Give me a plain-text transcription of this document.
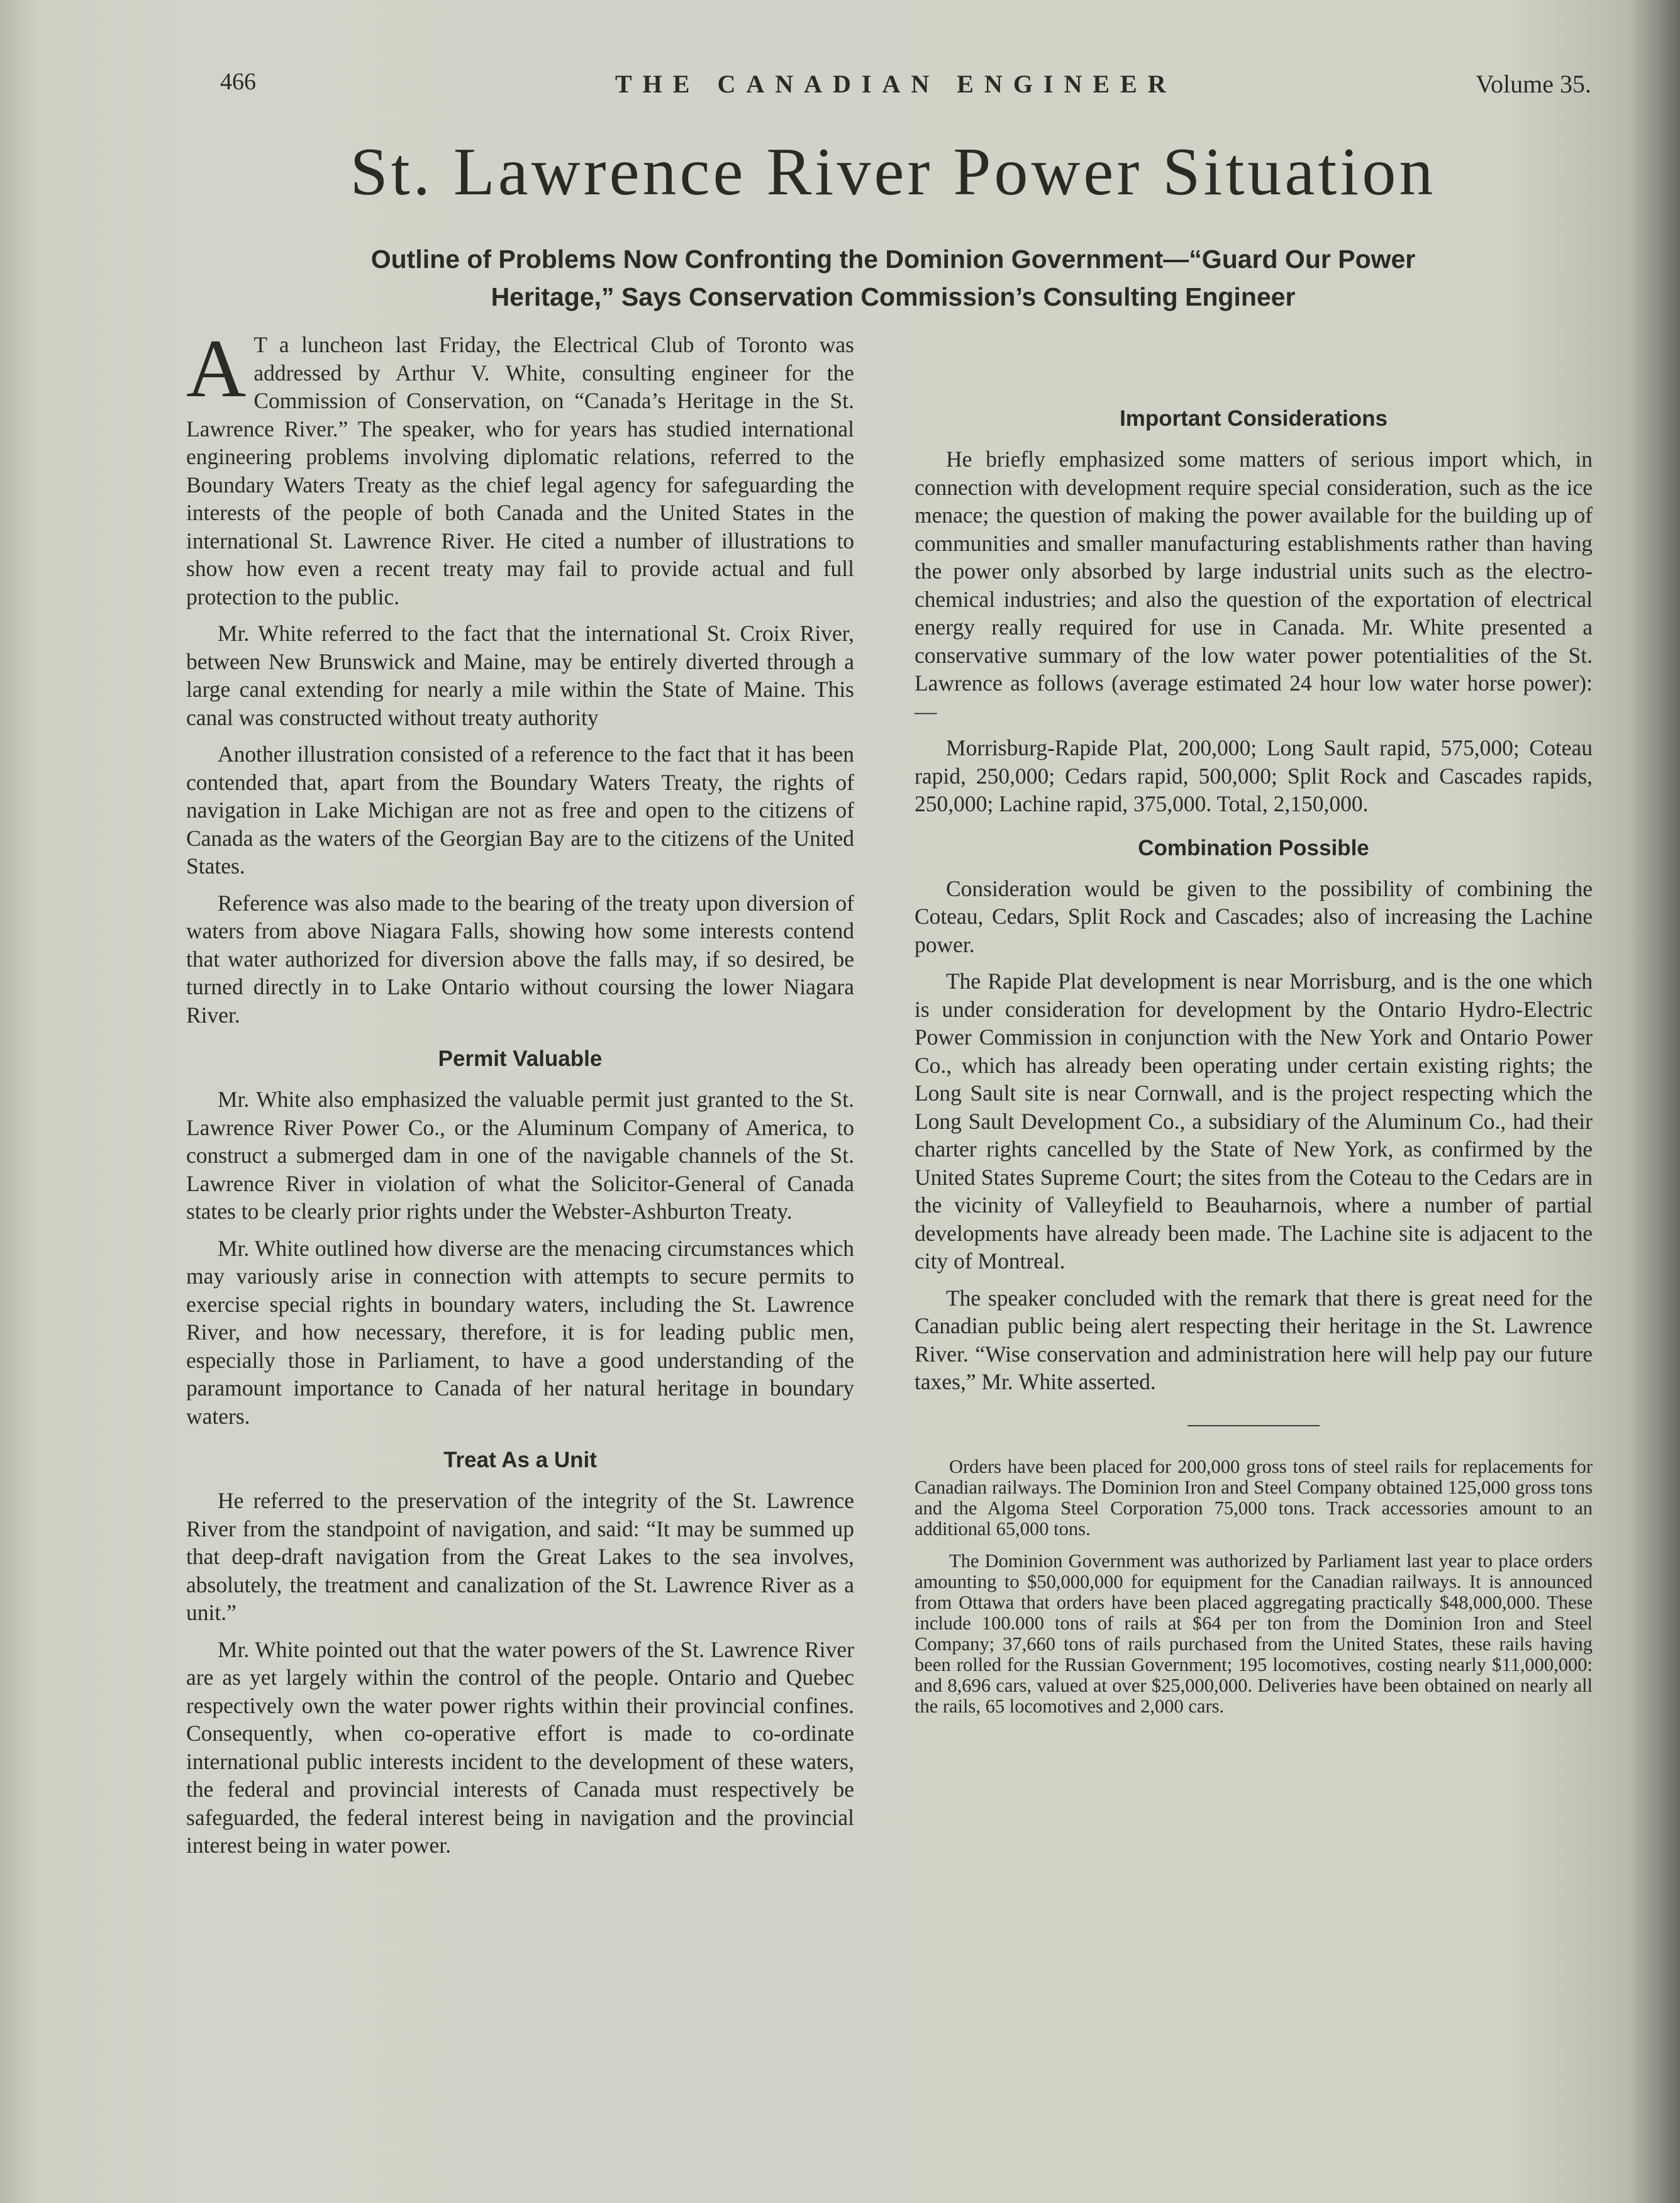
466	THE CANADIAN ENGINEER	Volume 35.
St. Lawrence River Power Situation
Outline of Problems Now Confronting the Dominion Government—“Guard Our Power
Heritage,” Says Conservation Commission’s Consulting Engineer

A T a luncheon last Friday, the Electrical Club of Toronto was addressed by Arthur V. White, consulting engineer for the Commission of Conservation, on “Canada’s Heritage in the St. Lawrence River.” The speaker, who for years has studied international engineering problems involving diplomatic relations, referred to the Boundary Waters Treaty as the chief legal agency for safeguarding the interests of the people of both Canada and the United States in the international St. Lawrence River. He cited a number of illustrations to show how even a recent treaty may fail to provide actual and full protection to the public.

Mr. White referred to the fact that the international St. Croix River, between New Brunswick and Maine, may be entirely diverted through a large canal extending for nearly a mile within the State of Maine. This canal was constructed without treaty authority

Another illustration consisted of a reference to the fact that it has been contended that, apart from the Boundary Waters Treaty, the rights of navigation in Lake Michigan are not as free and open to the citizens of Canada as the waters of the Georgian Bay are to the citizens of the United States.

Reference was also made to the bearing of the treaty upon diversion of waters from above Niagara Falls, showing how some interests contend that water authorized for diversion above the falls may, if so desired, be turned directly in to Lake Ontario without coursing the lower Niagara River.

Permit Valuable

Mr. White also emphasized the valuable permit just granted to the St. Lawrence River Power Co., or the Aluminum Company of America, to construct a submerged dam in one of the navigable channels of the St. Lawrence River in violation of what the Solicitor-General of Canada states to be clearly prior rights under the Webster-Ashburton Treaty.

Mr. White outlined how diverse are the menacing circumstances which may variously arise in connection with attempts to secure permits to exercise special rights in boundary waters, including the St. Lawrence River, and how necessary, therefore, it is for leading public men, especially those in Parliament, to have a good understanding of the paramount importance to Canada of her natural heritage in boundary waters.

Treat As a Unit

He referred to the preservation of the integrity of the St. Lawrence River from the standpoint of navigation, and said: “It may be summed up that deep-draft navigation from the Great Lakes to the sea involves, absolutely, the treatment and canalization of the St. Lawrence River as a unit.”

Mr. White pointed out that the water powers of the St. Lawrence River are as yet largely within the control of the people. Ontario and Quebec respectively own the water power rights within their provincial confines. Consequently, when co-operative effort is made to co-ordinate international public interests incident to the development of these waters, the federal and provincial interests of Canada must respectively be safeguarded, the federal interest being in navigation and the provincial interest being in water power.

Important Considerations

He briefly emphasized some matters of serious import which, in connection with development require special consideration, such as the ice menace; the question of making the power available for the building up of communities and smaller manufacturing establishments rather than having the power only absorbed by large industrial units such as the electro-chemical industries; and also the question of the exportation of electrical energy really required for use in Canada. Mr. White presented a conservative summary of the low water power potentialities of the St. Lawrence as follows (average estimated 24 hour low water horse power):—

Morrisburg-Rapide Plat, 200,000; Long Sault rapid, 575,000; Coteau rapid, 250,000; Cedars rapid, 500,000; Split Rock and Cascades rapids, 250,000; Lachine rapid, 375,000. Total, 2,150,000.

Combination Possible

Consideration would be given to the possibility of combining the Coteau, Cedars, Split Rock and Cascades; also of increasing the Lachine power.

The Rapide Plat development is near Morrisburg, and is the one which is under consideration for development by the Ontario Hydro-Electric Power Commission in conjunction with the New York and Ontario Power Co., which has already been operating under certain existing rights; the Long Sault site is near Cornwall, and is the project respecting which the Long Sault Development Co., a subsidiary of the Aluminum Co., had their charter rights cancelled by the State of New York, as confirmed by the United States Supreme Court; the sites from the Coteau to the Cedars are in the vicinity of Valleyfield to Beauharnois, where a number of partial developments have already been made. The Lachine site is adjacent to the city of Montreal.

The speaker concluded with the remark that there is great need for the Canadian public being alert respecting their heritage in the St. Lawrence River. “Wise conservation and administration here will help pay our future taxes,” Mr. White asserted.

Orders have been placed for 200,000 gross tons of steel rails for replacements for Canadian railways. The Dominion Iron and Steel Company obtained 125,000 gross tons and the Algoma Steel Corporation 75,000 tons. Track accessories amount to an additional 65,000 tons.

The Dominion Government was authorized by Parliament last year to place orders amounting to $50,000,000 for equipment for the Canadian railways. It is announced from Ottawa that orders have been placed aggregating practically $48,000,000. These include 100.000 tons of rails at $64 per ton from the Dominion Iron and Steel Company; 37,660 tons of rails purchased from the United States, these rails having been rolled for the Russian Government; 195 locomotives, costing nearly $11,000,000: and 8,696 cars, valued at over $25,000,000. Deliveries have been obtained on nearly all the rails, 65 locomotives and 2,000 cars.
